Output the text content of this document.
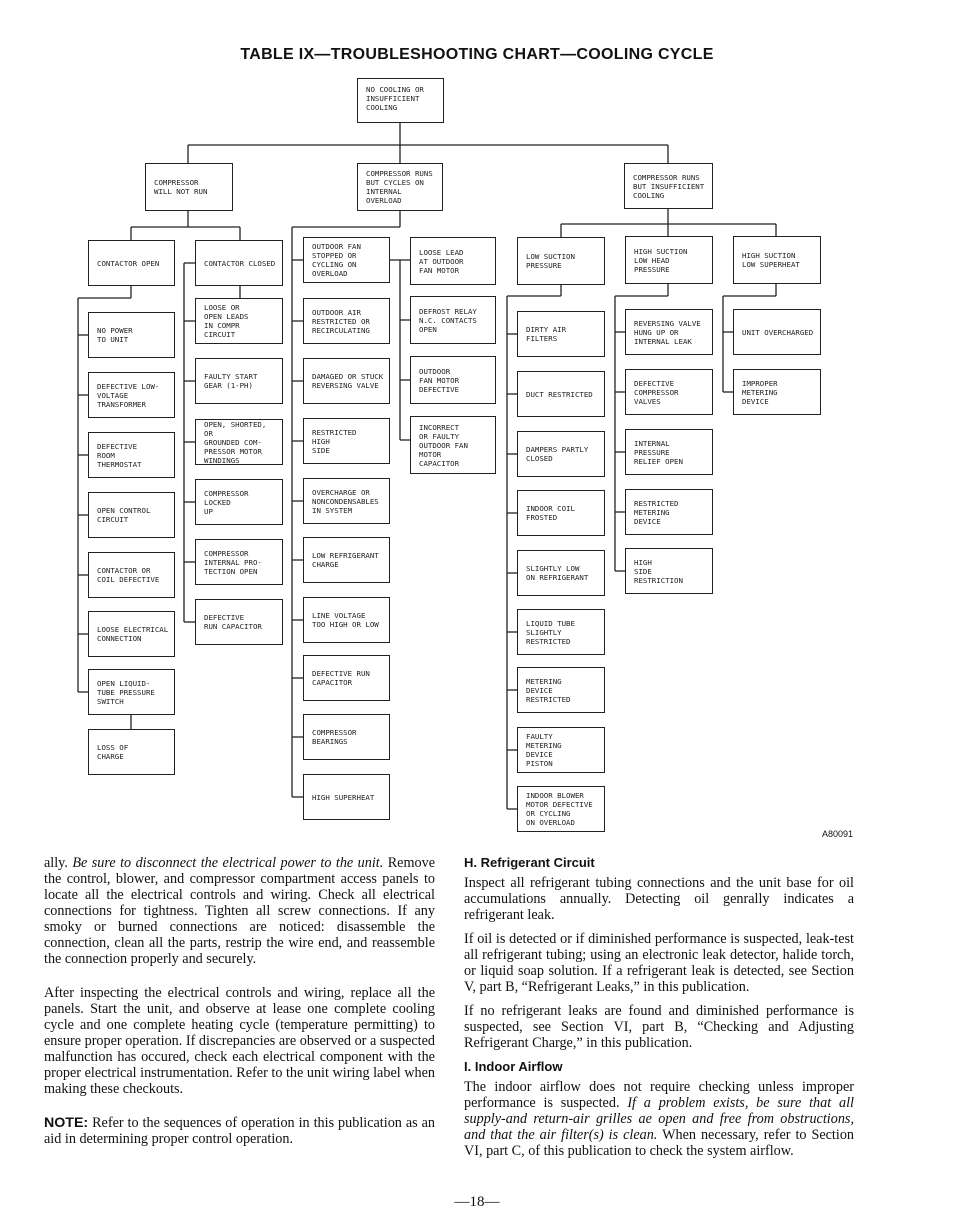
TABLE IX—TROUBLESHOOTING CHART—COOLING CYCLE
NO COOLING OR
INSUFFICIENT
COOLING
COMPRESSOR
WILL NOT RUN
COMPRESSOR RUNS
BUT CYCLES ON
INTERNAL
OVERLOAD
COMPRESSOR RUNS
BUT INSUFFICIENT
COOLING
CONTACTOR OPEN
NO POWER
TO UNIT
DEFECTIVE LOW-
VOLTAGE
TRANSFORMER
DEFECTIVE
ROOM
THERMOSTAT
OPEN CONTROL
CIRCUIT
CONTACTOR OR
COIL DEFECTIVE
LOOSE ELECTRICAL
CONNECTION
OPEN LIQUID-
TUBE PRESSURE
SWITCH
LOSS OF
CHARGE
CONTACTOR CLOSED
LOOSE OR
OPEN LEADS
IN COMPR
CIRCUIT
FAULTY START
GEAR (1-PH)
OPEN, SHORTED, OR
GROUNDED COM-
PRESSOR MOTOR
WINDINGS
COMPRESSOR
LOCKED
UP
COMPRESSOR
INTERNAL PRO-
TECTION OPEN
DEFECTIVE
RUN CAPACITOR
OUTDOOR FAN
STOPPED OR
CYCLING ON
OVERLOAD
OUTDOOR AIR
RESTRICTED OR
RECIRCULATING
DAMAGED OR STUCK
REVERSING VALVE
RESTRICTED
HIGH
SIDE
OVERCHARGE OR
NONCONDENSABLES
IN SYSTEM
LOW REFRIGERANT
CHARGE
LINE VOLTAGE
TOO HIGH OR LOW
DEFECTIVE RUN
CAPACITOR
COMPRESSOR
BEARINGS
HIGH SUPERHEAT
LOOSE LEAD
AT OUTDOOR
FAN MOTOR
DEFROST RELAY
N.C. CONTACTS
OPEN
OUTDOOR
FAN MOTOR
DEFECTIVE
INCORRECT
OR FAULTY
OUTDOOR FAN
MOTOR
CAPACITOR
LOW SUCTION
PRESSURE
DIRTY AIR
FILTERS
DUCT RESTRICTED
DAMPERS PARTLY
CLOSED
INDOOR COIL
FROSTED
SLIGHTLY LOW
ON REFRIGERANT
LIQUID TUBE
SLIGHTLY
RESTRICTED
METERING
DEVICE
RESTRICTED
FAULTY
METERING
DEVICE
PISTON
INDOOR BLOWER
MOTOR DEFECTIVE
OR CYCLING
ON OVERLOAD
HIGH SUCTION
LOW HEAD
PRESSURE
REVERSING VALVE
HUNG UP OR
INTERNAL LEAK
DEFECTIVE
COMPRESSOR
VALVES
INTERNAL
PRESSURE
RELIEF OPEN
RESTRICTED
METERING
DEVICE
HIGH
SIDE
RESTRICTION
HIGH SUCTION
LOW SUPERHEAT
UNIT OVERCHARGED
IMPROPER
METERING
DEVICE
A80091

ally. Be sure to disconnect the electrical power to the unit. Remove the control, blower, and compressor compartment access panels to locate all the electrical controls and wiring. Check all electrical connections for tightness. Tighten all screw connections. If any smoky or burned connections are noticed: disassemble the connection, clean all the parts, restrip the wire end, and reassemble the connection properly and securely.

After inspecting the electrical controls and wiring, replace all the panels. Start the unit, and observe at lease one complete cooling cycle and one complete heating cycle (temperature permitting) to ensure proper operation. If discrepancies are observed or a suspected malfunction has occured, check each electrical component with the proper electrical instrumentation. Refer to the unit wiring label when making these checkouts.

NOTE: Refer to the sequences of operation in this publication as an aid in determining proper control operation.

H. Refrigerant Circuit

Inspect all refrigerant tubing connections and the unit base for oil accumulations annually. Detecting oil genrally indicates a refrigerant leak.

If oil is detected or if diminished performance is suspected, leak-test all refrigerant tubing; using an electronic leak detector, halide torch, or liquid soap solution. If a refrigerant leak is detected, see Section V, part B, “Refrigerant Leaks,” in this publication.

If no refrigerant leaks are found and diminished performance is suspected, see Section VI, part B, “Checking and Adjusting Refrigerant Charge,” in this publication.

I. Indoor Airflow

The indoor airflow does not require checking unless improper performance is suspected. If a problem exists, be sure that all supply-and return-air grilles ae open and free from obstructions, and that the air filter(s) is clean. When necessary, refer to Section VI, part C, of this publication to check the system airflow.

—18—
